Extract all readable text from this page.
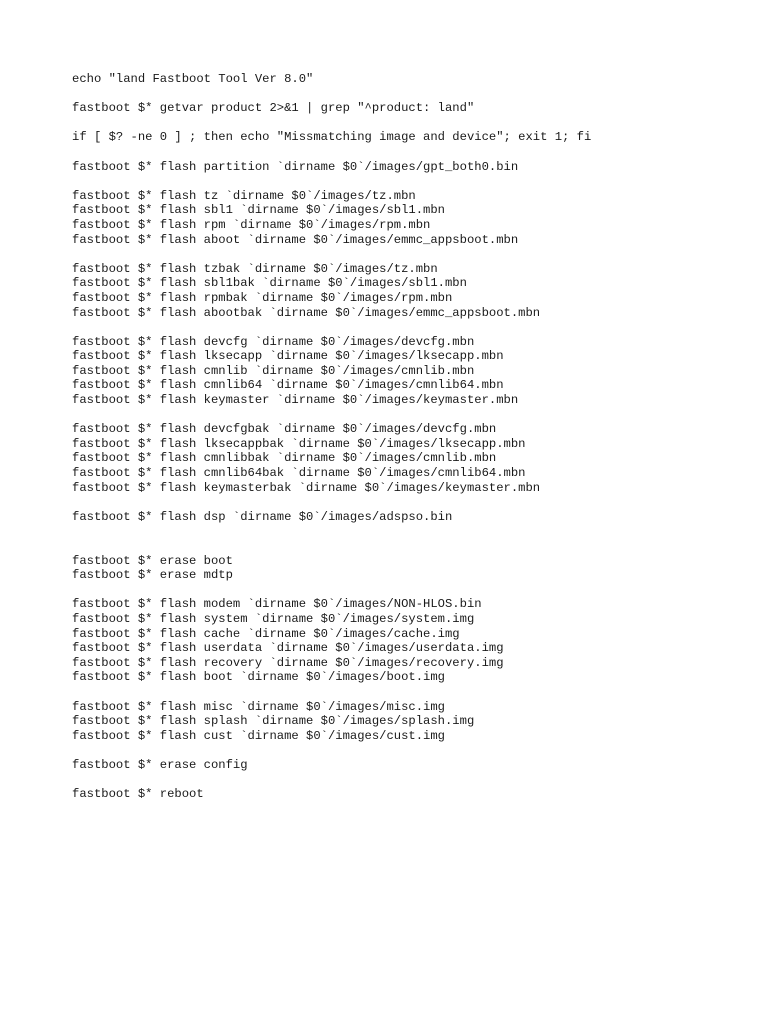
echo "land Fastboot Tool Ver 8.0"
fastboot $* getvar product 2>&1 | grep "^product: land"
if [ $? -ne 0 ] ; then echo "Missmatching image and device"; exit 1; fi
fastboot $* flash partition `dirname $0`/images/gpt_both0.bin
fastboot $* flash tz `dirname $0`/images/tz.mbn
fastboot $* flash sbl1 `dirname $0`/images/sbl1.mbn
fastboot $* flash rpm `dirname $0`/images/rpm.mbn
fastboot $* flash aboot `dirname $0`/images/emmc_appsboot.mbn
fastboot $* flash tzbak `dirname $0`/images/tz.mbn
fastboot $* flash sbl1bak `dirname $0`/images/sbl1.mbn
fastboot $* flash rpmbak `dirname $0`/images/rpm.mbn
fastboot $* flash abootbak `dirname $0`/images/emmc_appsboot.mbn
fastboot $* flash devcfg `dirname $0`/images/devcfg.mbn
fastboot $* flash lksecapp `dirname $0`/images/lksecapp.mbn
fastboot $* flash cmnlib `dirname $0`/images/cmnlib.mbn
fastboot $* flash cmnlib64 `dirname $0`/images/cmnlib64.mbn
fastboot $* flash keymaster `dirname $0`/images/keymaster.mbn
fastboot $* flash devcfgbak `dirname $0`/images/devcfg.mbn
fastboot $* flash lksecappbak `dirname $0`/images/lksecapp.mbn
fastboot $* flash cmnlibbak `dirname $0`/images/cmnlib.mbn
fastboot $* flash cmnlib64bak `dirname $0`/images/cmnlib64.mbn
fastboot $* flash keymasterbak `dirname $0`/images/keymaster.mbn
fastboot $* flash dsp `dirname $0`/images/adspso.bin
fastboot $* erase boot
fastboot $* erase mdtp
fastboot $* flash modem `dirname $0`/images/NON-HLOS.bin
fastboot $* flash system `dirname $0`/images/system.img
fastboot $* flash cache `dirname $0`/images/cache.img
fastboot $* flash userdata `dirname $0`/images/userdata.img
fastboot $* flash recovery `dirname $0`/images/recovery.img
fastboot $* flash boot `dirname $0`/images/boot.img
fastboot $* flash misc `dirname $0`/images/misc.img
fastboot $* flash splash `dirname $0`/images/splash.img
fastboot $* flash cust `dirname $0`/images/cust.img
fastboot $* erase config
fastboot $* reboot
